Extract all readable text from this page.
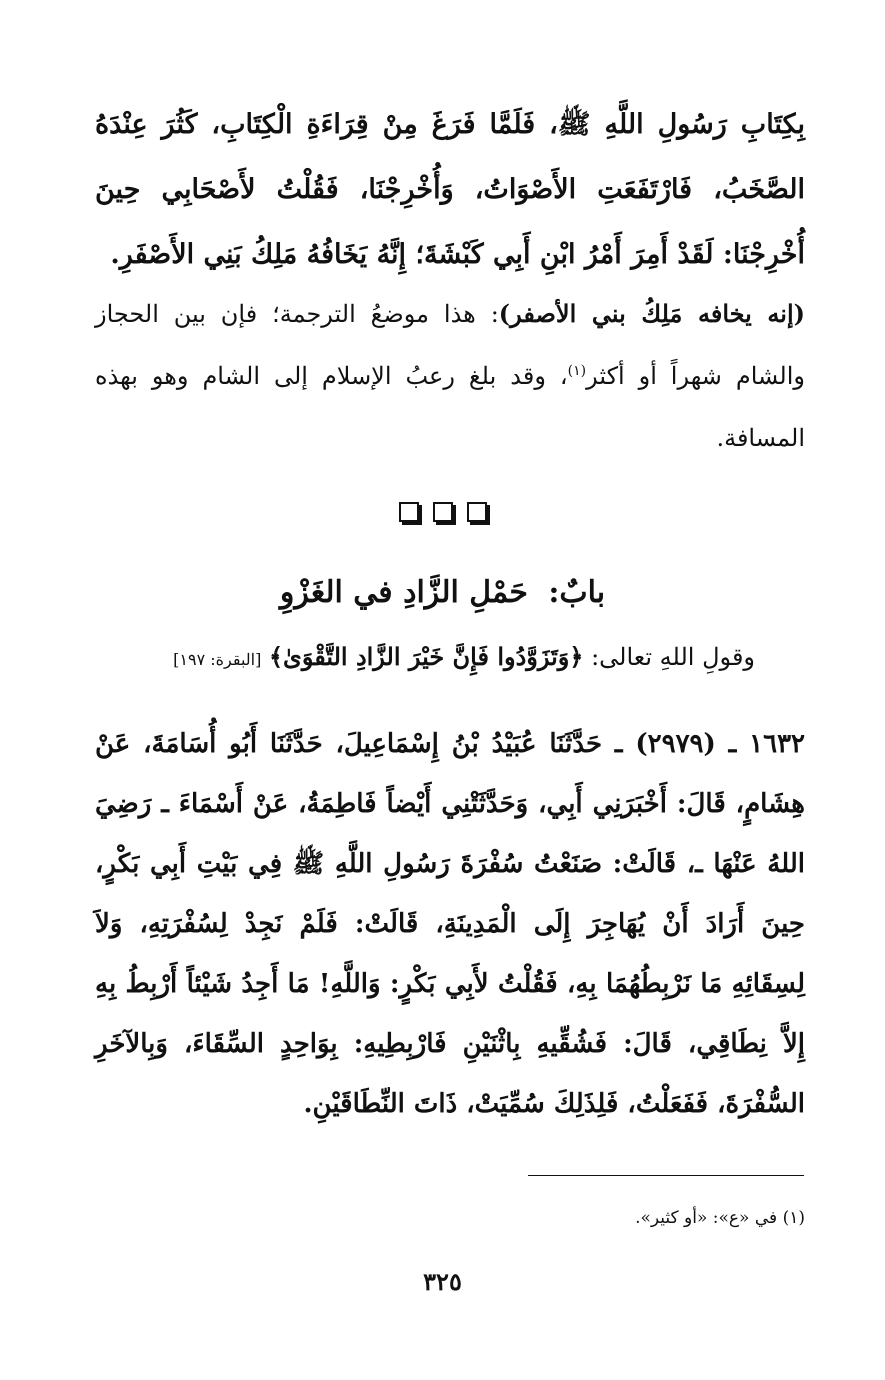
بِكِتَابِ رَسُولِ اللَّهِ ﷺ، فَلَمَّا فَرَغَ مِنْ قِرَاءَةِ الْكِتَابِ، كَثُرَ عِنْدَهُ الصَّخَبُ، فَارْتَفَعَتِ الأَصْوَاتُ، وَأُخْرِجْنَا، فَقُلْتُ لأَصْحَابِي حِينَ أُخْرِجْنَا: لَقَدْ أَمِرَ أَمْرُ ابْنِ أَبِي كَبْشَةَ؛ إِنَّهُ يَخَافُهُ مَلِكُ بَنِي الأَصْفَرِ.

(إنه يخافه مَلِكُ بني الأصفر): هذا موضعُ الترجمة؛ فإن بين الحجاز والشام شهراً أو أكثر$^{(١)}$، وقد بلغ رعبُ الإسلام إلى الشام وهو بهذه المسافة.

بابٌ: حَمْلِ الزَّادِ في الغَزْوِ
وقولِ اللهِ تعالى: ﴿وَتَزَوَّدُوا فَإِنَّ خَيْرَ الزَّادِ التَّقْوَىٰ﴾ [البقرة: ١٩٧]

١٦٣٢ ـ (٢٩٧٩) ـ حَدَّثَنَا عُبَيْدُ بْنُ إِسْمَاعِيلَ، حَدَّثَنَا أَبُو أُسَامَةَ، عَنْ هِشَامٍ، قَالَ: أَخْبَرَنِي أَبِي، وَحَدَّثَتْنِي أَيْضاً فَاطِمَةُ، عَنْ أَسْمَاءَ ـ رَضِيَ اللهُ عَنْهَا ـ، قَالَتْ: صَنَعْتُ سُفْرَةَ رَسُولِ اللَّهِ ﷺ فِي بَيْتِ أَبِي بَكْرٍ، حِينَ أَرَادَ أَنْ يُهَاجِرَ إِلَى الْمَدِينَةِ، قَالَتْ: فَلَمْ نَجِدْ لِسُفْرَتِهِ، وَلاَ لِسِقَائِهِ مَا نَرْبِطُهُمَا بِهِ، فَقُلْتُ لأَبِي بَكْرٍ: وَاللَّهِ! مَا أَجِدُ شَيْئاً أَرْبِطُ بِهِ إِلاَّ نِطَاقِي، قَالَ: فَشُقِّيهِ بِاثْنَيْنِ فَارْبِطِيهِ: بِوَاحِدٍ السِّقَاءَ، وَبِالآخَرِ السُّفْرَةَ، فَفَعَلْتُ، فَلِذَلِكَ سُمِّيَتْ، ذَاتَ النِّطَاقَيْنِ.

(١) في «ع»: «أو كثير».
٣٢٥
